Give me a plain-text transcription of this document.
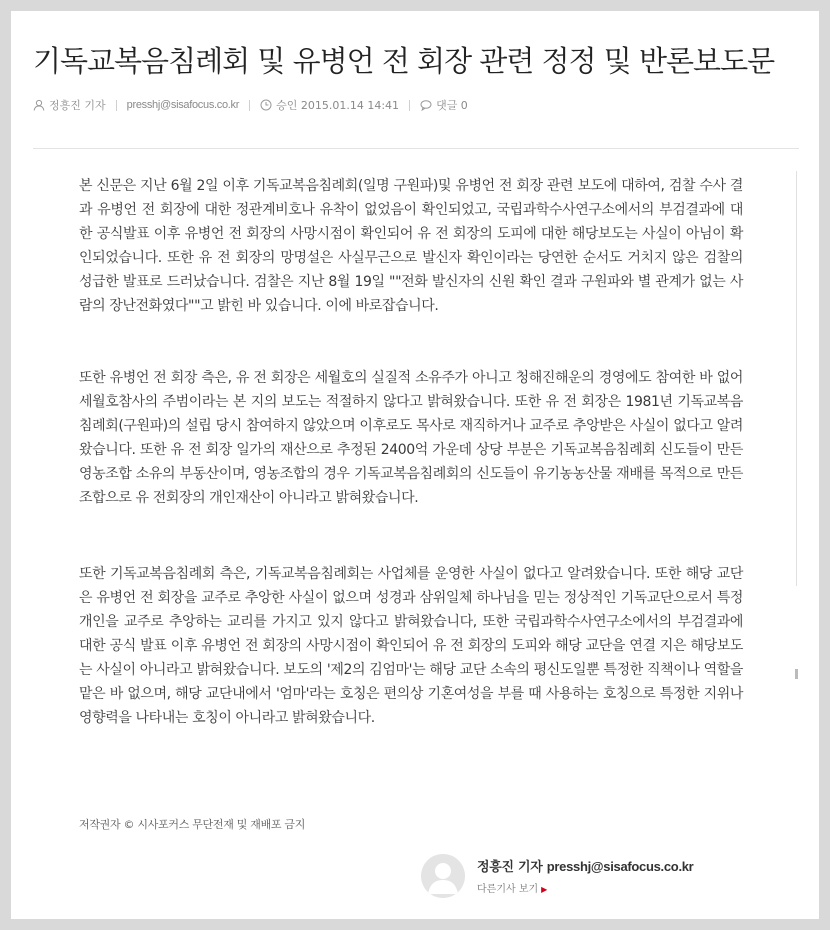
기독교복음침례회 및 유병언 전 회장 관련 정정 및 반론보도문
정흥진 기자 presshj@sisafocus.co.kr	승인 2015.01.14 14:41	댓글 0

본 신문은 지난 6월 2일 이후 기독교복음침례회(일명 구원파)및 유병언 전 회장 관련 보도에 대하여, 검찰 수사 결과 유병언 전 회장에 대한 정관계비호나 유착이 없었음이 확인되었고, 국립과학수사연구소에서의 부검결과에 대한 공식발표 이후 유병언 전 회장의 사망시점이 확인되어 유 전 회장의 도피에 대한 해당보도는 사실이 아님이 확인되었습니다. 또한 유 전 회장의 망명설은 사실무근으로 발신자 확인이라는 당연한 순서도 거치지 않은 검찰의 성급한 발표로 드러났습니다. 검찰은 지난 8월 19일 ""전화 발신자의 신원 확인 결과 구원파와 별 관계가 없는 사람의 장난전화였다""고 밝힌 바 있습니다. 이에 바로잡습니다.

또한 유병언 전 회장 측은, 유 전 회장은 세월호의 실질적 소유주가 아니고 청해진해운의 경영에도 참여한 바 없어 세월호참사의 주범이라는 본 지의 보도는 적절하지 않다고 밝혀왔습니다. 또한 유 전 회장은 1981년 기독교복음침례회(구원파)의 설립 당시 참여하지 않았으며 이후로도 목사로 재직하거나 교주로 추앙받은 사실이 없다고 알려왔습니다. 또한 유 전 회장 일가의 재산으로 추정된 2400억 가운데 상당 부분은 기독교복음침례회 신도들이 만든 영농조합 소유의 부동산이며, 영농조합의 경우 기독교복음침례회의 신도들이 유기농농산물 재배를 목적으로 만든 조합으로 유 전회장의 개인재산이 아니라고 밝혀왔습니다.

또한 기독교복음침례회 측은, 기독교복음침례회는 사업체를 운영한 사실이 없다고 알려왔습니다. 또한 해당 교단은 유병언 전 회장을 교주로 추앙한 사실이 없으며 성경과 삼위일체 하나님을 믿는 정상적인 기독교단으로서 특정 개인을 교주로 추앙하는 교리를 가지고 있지 않다고 밝혀왔습니다, 또한 국립과학수사연구소에서의 부검결과에 대한 공식 발표 이후 유병언 전 회장의 사망시점이 확인되어 유 전 회장의 도피와 해당 교단을 연결 지은 해당보도는 사실이 아니라고 밝혀왔습니다. 보도의 '제2의 김엄마'는 해당 교단 소속의 평신도일뿐 특정한 직책이나 역할을 맡은 바 없으며, 해당 교단내에서 '엄마'라는 호칭은 편의상 기혼여성을 부를 때 사용하는 호칭으로 특정한 지위나 영향력을 나타내는 호칭이 아니라고 밝혀왔습니다.

저작권자 © 시사포커스 무단전재 및 재배포 금지
정흥진 기자 presshj@sisafocus.co.kr
다른기사 보기 ▶
